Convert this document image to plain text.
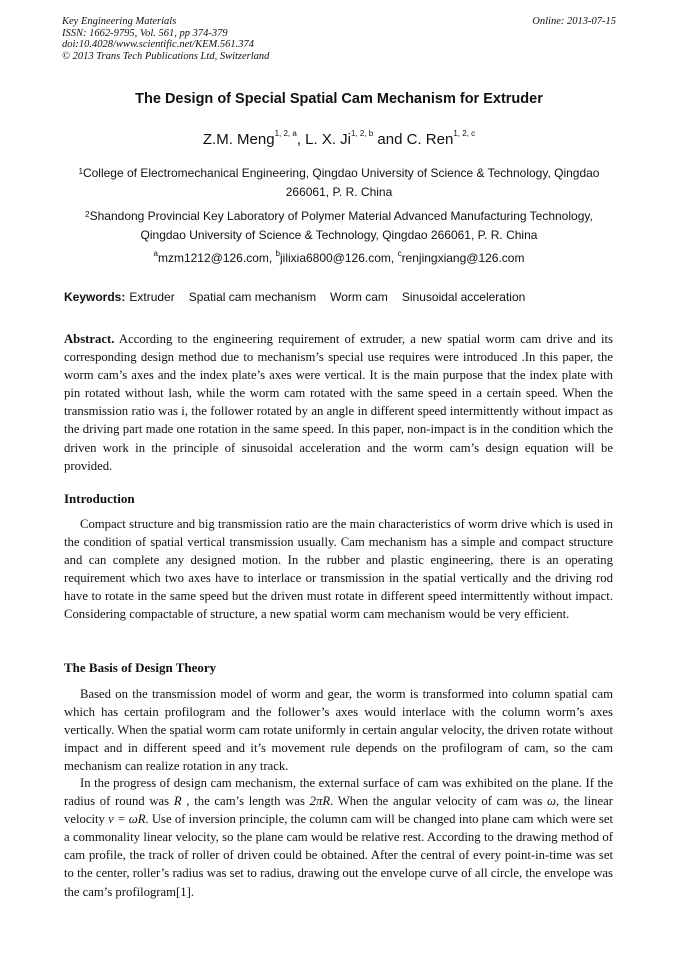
Key Engineering Materials
ISSN: 1662-9795, Vol. 561, pp 374-379
doi:10.4028/www.scientific.net/KEM.561.374
© 2013 Trans Tech Publications Ltd, Switzerland
Online: 2013-07-15
The Design of Special Spatial Cam Mechanism for Extruder
Z.M. Meng$^{1, 2, a}$, L. X. Ji$^{1, 2, b}$ and C. Ren$^{1, 2, c}$
$^1$College of Electromechanical Engineering, Qingdao University of Science & Technology, Qingdao 266061, P. R. China
$^2$Shandong Provincial Key Laboratory of Polymer Material Advanced Manufacturing Technology, Qingdao University of Science & Technology, Qingdao 266061, P. R. China
$^a$mzm1212@126.com, $^b$jilixia6800@126.com, $^c$renjingxiang@126.com
Keywords: Extruder Spatial cam mechanism Worm cam Sinusoidal acceleration
Abstract. According to the engineering requirement of extruder, a new spatial worm cam drive and its corresponding design method due to mechanism’s special use requires were introduced .In this paper, the worm cam’s axes and the index plate’s axes were vertical. It is the main purpose that the index plate with pin rotated without lash, while the worm cam rotated with the same speed in a certain speed. When the transmission ratio was i, the follower rotated by an angle in different speed intermittently without impact as the driving part made one rotation in the same speed. In this paper, non-impact is in the condition which the driven work in the principle of sinusoidal acceleration and the worm cam’s design equation will be provided.
Introduction
Compact structure and big transmission ratio are the main characteristics of worm drive which is used in the condition of spatial vertical transmission usually. Cam mechanism has a simple and compact structure and can complete any designed motion. In the rubber and plastic engineering, there is an operating requirement which two axes have to interlace or transmission in the spatial vertically and the driving rod have to rotate in the same speed but the driven must rotate in different speed intermittently without impact. Considering compactable of structure, a new spatial worm cam mechanism would be very efficient.
The Basis of Design Theory
Based on the transmission model of worm and gear, the worm is transformed into column spatial cam which has certain profilogram and the follower’s axes would interlace with the column worm’s axes vertically. When the spatial worm cam rotate uniformly in certain angular velocity, the driven rotate without impact and in different speed and it’s movement rule depends on the profilogram of cam, so the cam mechanism can realize rotation in any track.
In the progress of design cam mechanism, the external surface of cam was exhibited on the plane. If the radius of round was R , the cam’s length was 2πR. When the angular velocity of cam was ω, the linear velocity v = ωR. Use of inversion principle, the column cam will be changed into plane cam which were set a commonality linear velocity, so the plane cam would be relative rest. According to the drawing method of cam profile, the track of roller of driven could be obtained. After the central of every point-in-time was set to the center, roller’s radius was set to radius, drawing out the envelope curve of all circle, the envelope was the cam’s profilogram[1].
